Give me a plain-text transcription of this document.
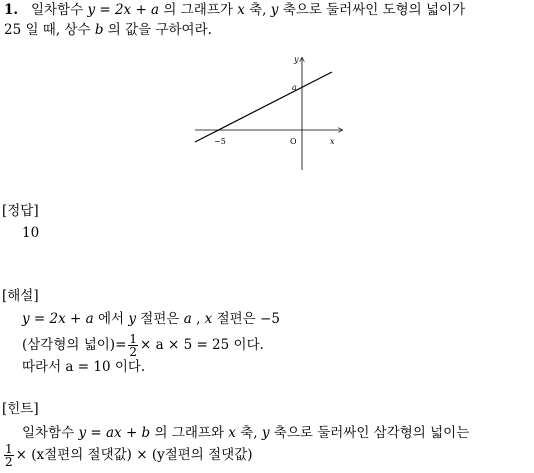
1. 일차함수 y = 2x + a 의 그래프가 x 축, y 축으로 둘러싸인 도형의 넓이가
25 일 때, 상수 b 의 값을 구하여라.
y
x
a
−5	O
[정답]
10
[해설]
y = 2x + a 에서 y 절편은 a , x 절편은 −5
(삼각형의 넓이)= $\frac{1}{2} \times a \times 5 = 25$ 이다.
따라서 a = 10 이다.
[힌트]
일차함수 y = ax + b 의 그래프와 x 축, y 축으로 둘러싸인 삼각형의 넓이는
$\frac{1}{2} \times (x$절편의 절댓값) × (y절편의 절댓값)
